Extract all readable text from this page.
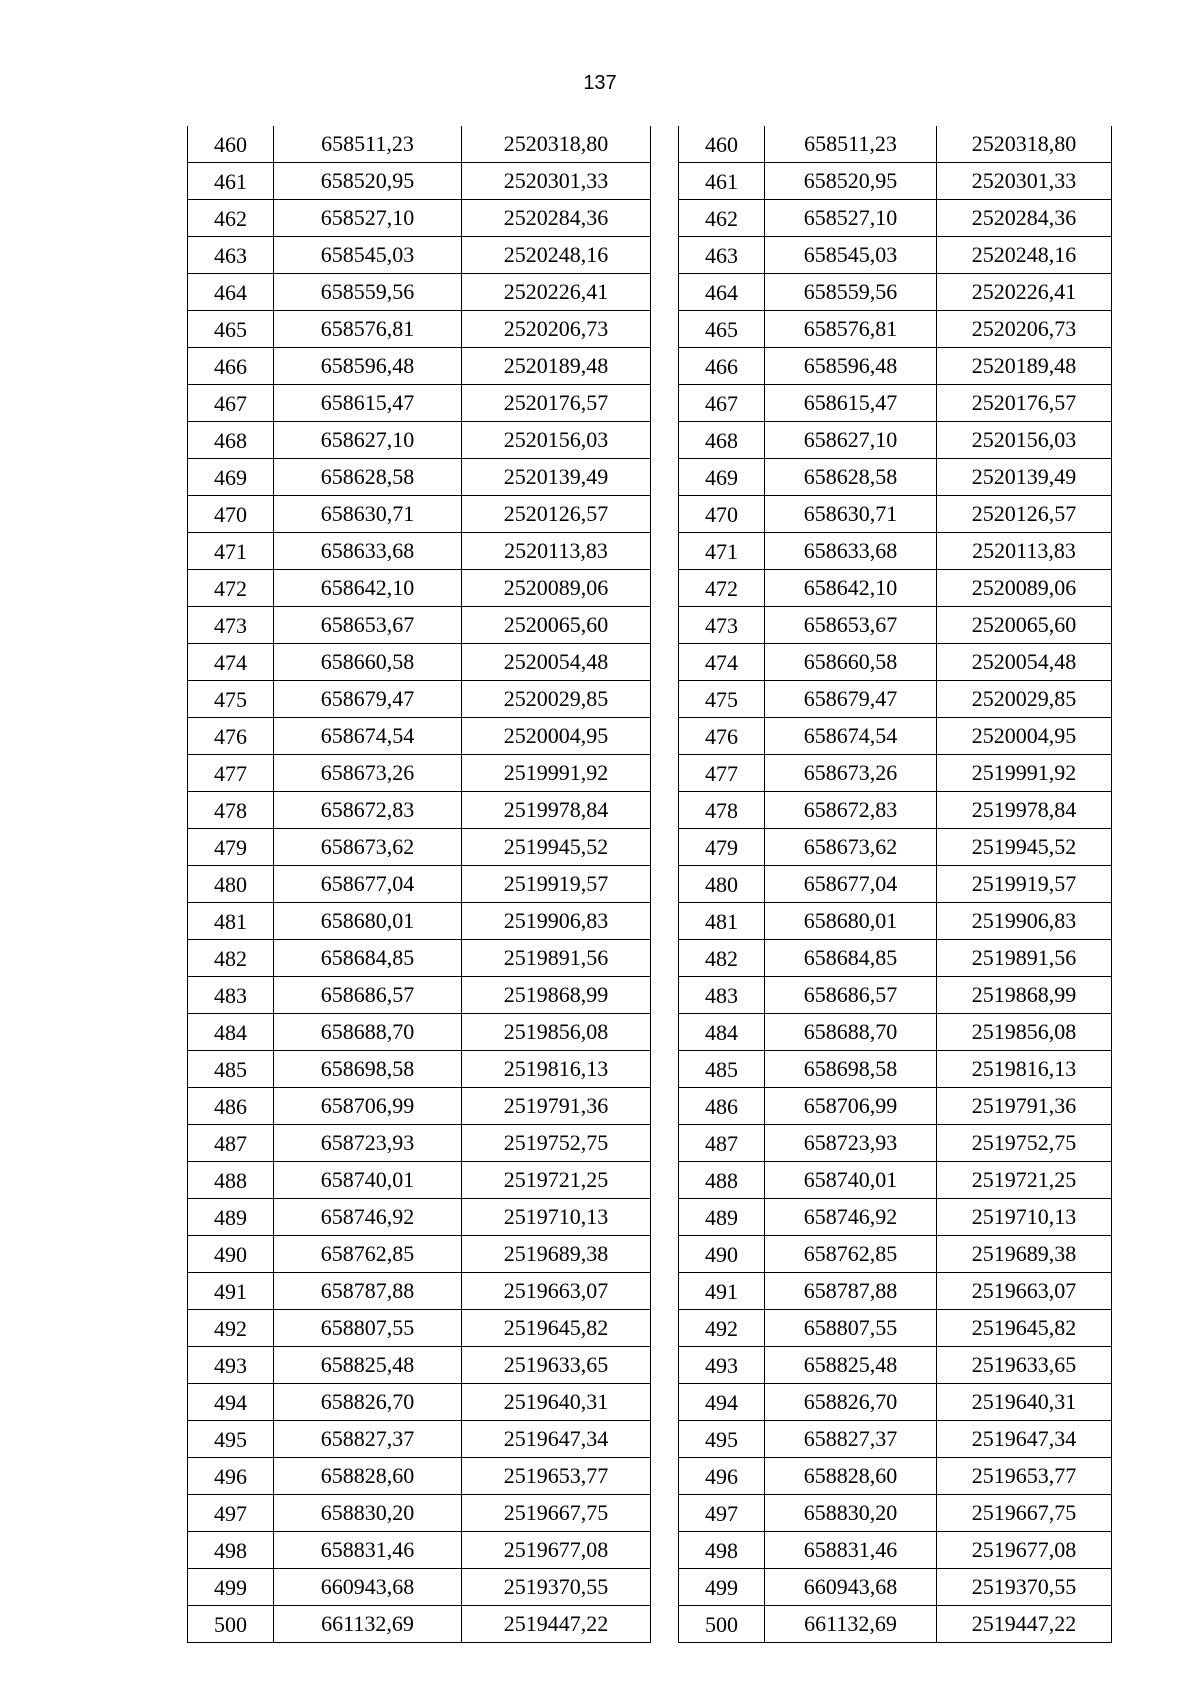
137
460	658511,23	2520318,80
461	658520,95	2520301,33
462	658527,10	2520284,36
463	658545,03	2520248,16
464	658559,56	2520226,41
465	658576,81	2520206,73
466	658596,48	2520189,48
467	658615,47	2520176,57
468	658627,10	2520156,03
469	658628,58	2520139,49
470	658630,71	2520126,57
471	658633,68	2520113,83
472	658642,10	2520089,06
473	658653,67	2520065,60
474	658660,58	2520054,48
475	658679,47	2520029,85
476	658674,54	2520004,95
477	658673,26	2519991,92
478	658672,83	2519978,84
479	658673,62	2519945,52
480	658677,04	2519919,57
481	658680,01	2519906,83
482	658684,85	2519891,56
483	658686,57	2519868,99
484	658688,70	2519856,08
485	658698,58	2519816,13
486	658706,99	2519791,36
487	658723,93	2519752,75
488	658740,01	2519721,25
489	658746,92	2519710,13
490	658762,85	2519689,38
491	658787,88	2519663,07
492	658807,55	2519645,82
493	658825,48	2519633,65
494	658826,70	2519640,31
495	658827,37	2519647,34
496	658828,60	2519653,77
497	658830,20	2519667,75
498	658831,46	2519677,08
499	660943,68	2519370,55
500	661132,69	2519447,22
460	658511,23	2520318,80
461	658520,95	2520301,33
462	658527,10	2520284,36
463	658545,03	2520248,16
464	658559,56	2520226,41
465	658576,81	2520206,73
466	658596,48	2520189,48
467	658615,47	2520176,57
468	658627,10	2520156,03
469	658628,58	2520139,49
470	658630,71	2520126,57
471	658633,68	2520113,83
472	658642,10	2520089,06
473	658653,67	2520065,60
474	658660,58	2520054,48
475	658679,47	2520029,85
476	658674,54	2520004,95
477	658673,26	2519991,92
478	658672,83	2519978,84
479	658673,62	2519945,52
480	658677,04	2519919,57
481	658680,01	2519906,83
482	658684,85	2519891,56
483	658686,57	2519868,99
484	658688,70	2519856,08
485	658698,58	2519816,13
486	658706,99	2519791,36
487	658723,93	2519752,75
488	658740,01	2519721,25
489	658746,92	2519710,13
490	658762,85	2519689,38
491	658787,88	2519663,07
492	658807,55	2519645,82
493	658825,48	2519633,65
494	658826,70	2519640,31
495	658827,37	2519647,34
496	658828,60	2519653,77
497	658830,20	2519667,75
498	658831,46	2519677,08
499	660943,68	2519370,55
500	661132,69	2519447,22
